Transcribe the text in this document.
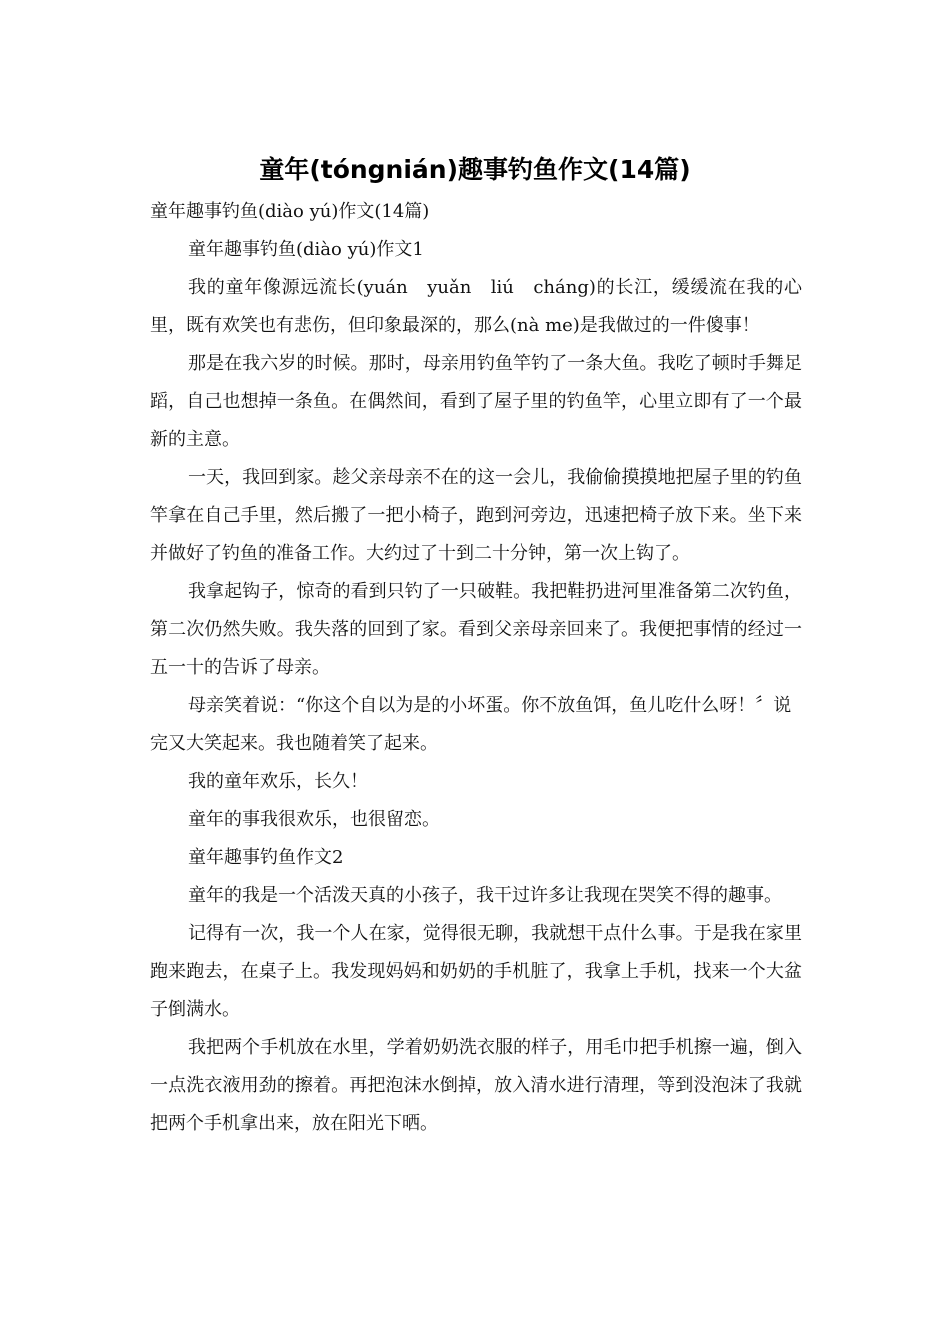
童年(tóngnián)趣事钓鱼作文(14篇)

童年趣事钓鱼(diào yú)作文(14篇)

童年趣事钓鱼(diào yú)作文1

我的童年像源远流长(yuán　yuǎn　liú　cháng)的长江，缓缓流在我的心里，既有欢笑也有悲伤，但印象最深的，那么(nà me)是我做过的一件傻事！

那是在我六岁的时候。那时，母亲用钓鱼竿钓了一条大鱼。我吃了顿时手舞足蹈，自己也想掉一条鱼。在偶然间，看到了屋子里的钓鱼竿，心里立即有了一个最新的主意。

一天，我回到家。趁父亲母亲不在的这一会儿，我偷偷摸摸地把屋子里的钓鱼竿拿在自己手里，然后搬了一把小椅子，跑到河旁边，迅速把椅子放下来。坐下来并做好了钓鱼的准备工作。大约过了十到二十分钟，第一次上钩了。

我拿起钩子，惊奇的看到只钓了一只破鞋。我把鞋扔进河里准备第二次钓鱼，第二次仍然失败。我失落的回到了家。看到父亲母亲回来了。我便把事情的经过一五一十的告诉了母亲。

母亲笑着说：“你这个自以为是的小坏蛋。你不放鱼饵，鱼儿吃什么呀！〞说完又大笑起来。我也随着笑了起来。

我的童年欢乐，长久！

童年的事我很欢乐，也很留恋。

童年趣事钓鱼作文2

童年的我是一个活泼天真的小孩子，我干过许多让我现在哭笑不得的趣事。

记得有一次，我一个人在家，觉得很无聊，我就想干点什么事。于是我在家里跑来跑去，在桌子上。我发现妈妈和奶奶的手机脏了，我拿上手机，找来一个大盆子倒满水。

我把两个手机放在水里，学着奶奶洗衣服的样子，用毛巾把手机擦一遍，倒入一点洗衣液用劲的擦着。再把泡沫水倒掉，放入清水进行清理，等到没泡沫了我就把两个手机拿出来，放在阳光下晒。
